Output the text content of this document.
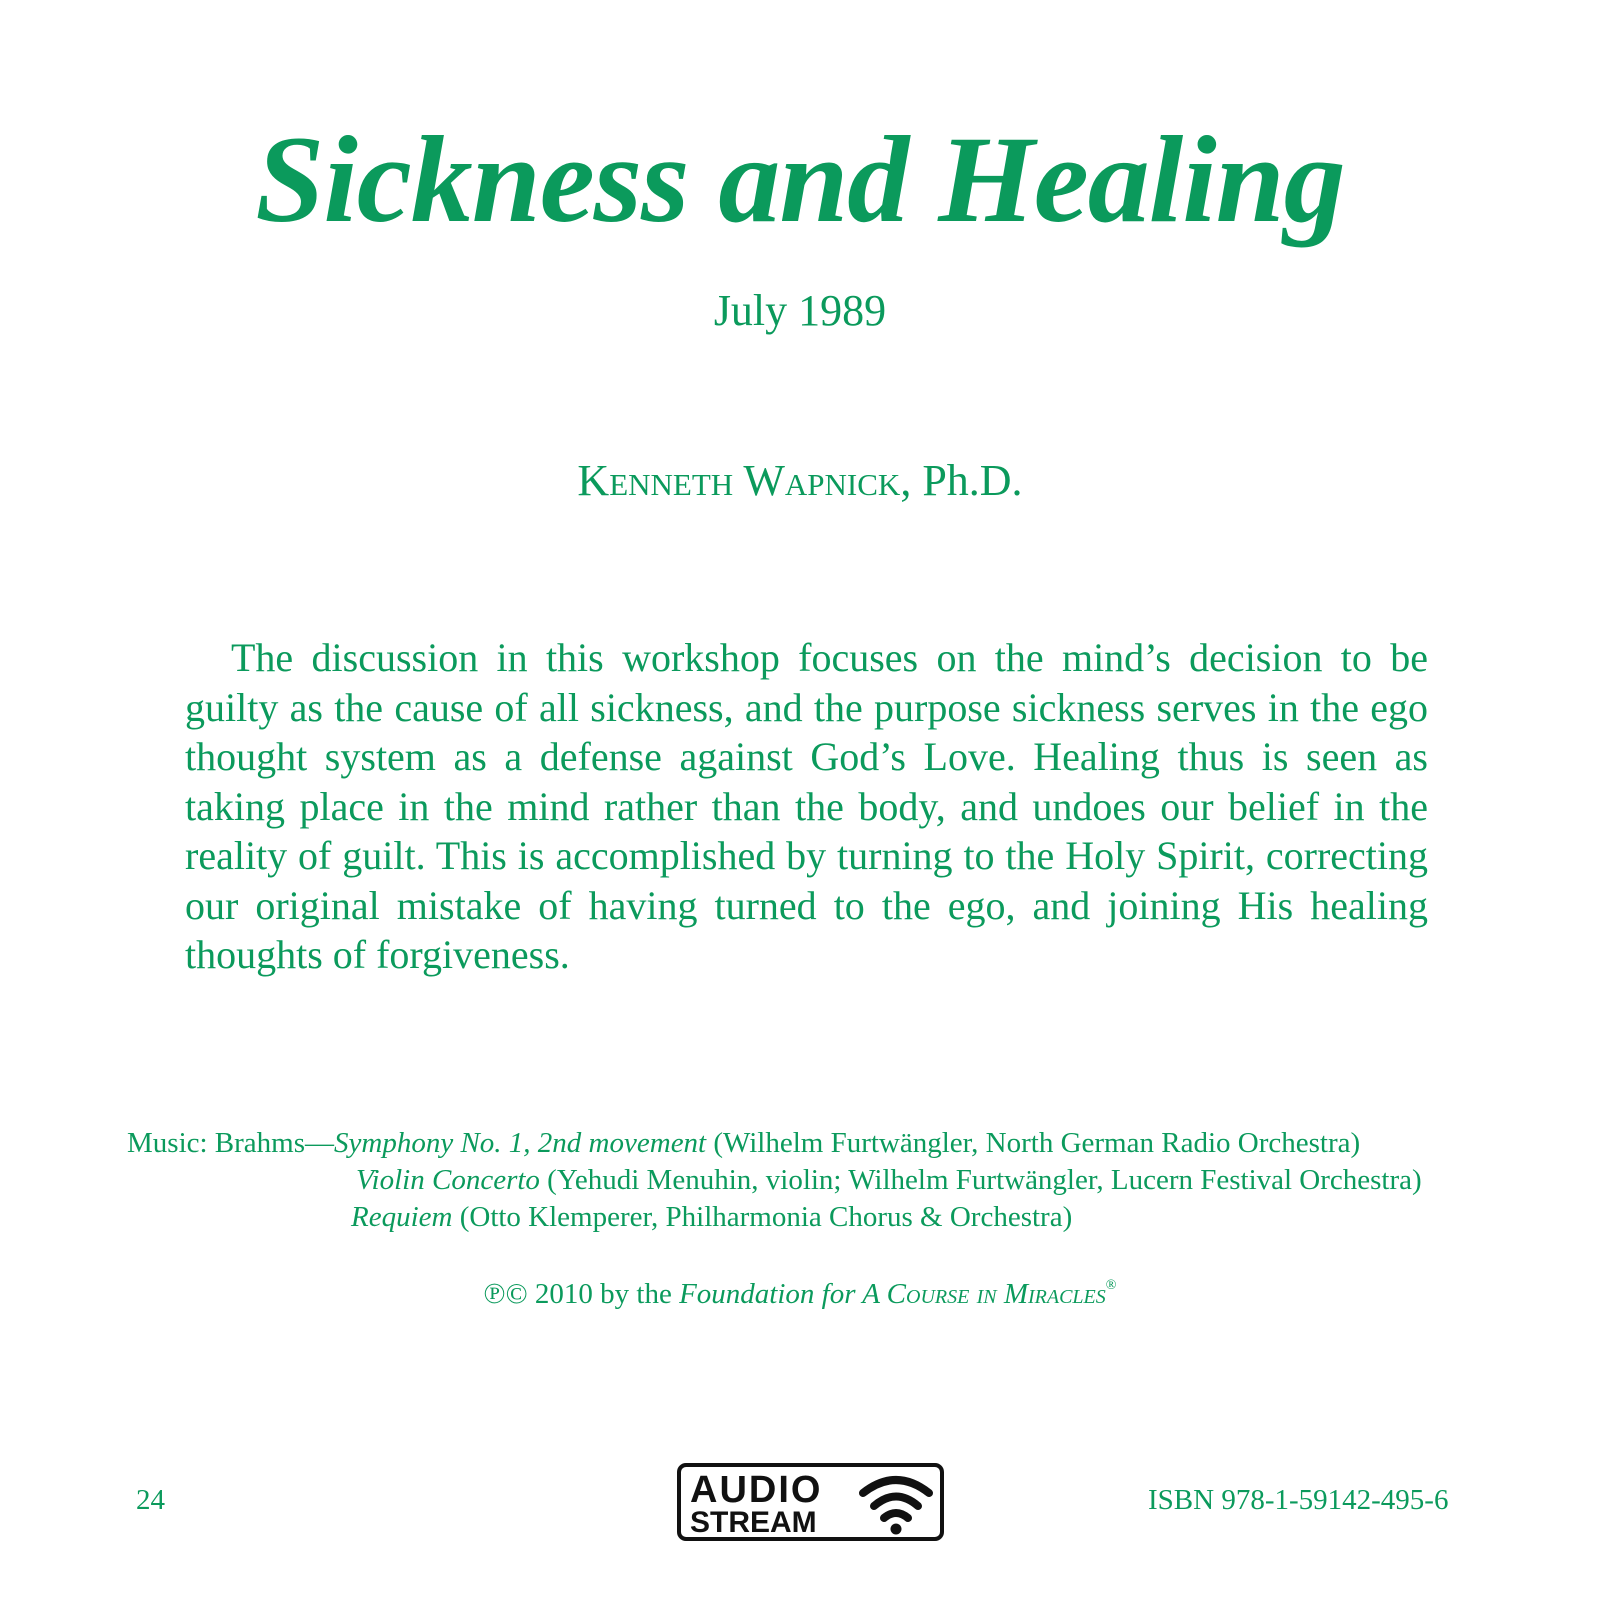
Sickness and Healing
July 1989
Kenneth Wapnick, Ph.D.
The discussion in this workshop focuses on the mind’s decision to be guilty as the cause of all sickness, and the purpose sickness serves in the ego thought system as a defense against God’s Love. Healing thus is seen as taking place in the mind rather than the body, and undoes our belief in the reality of guilt. This is accomplished by turning to the Holy Spirit, correcting our original mistake of having turned to the ego, and joining His healing thoughts of forgiveness.
Music: Brahms—Symphony No. 1, 2nd movement (Wilhelm Furtwängler, North German Radio Orchestra)
Violin Concerto (Yehudi Menuhin, violin; Wilhelm Furtwängler, Lucern Festival Orchestra)
Requiem (Otto Klemperer, Philharmonia Chorus & Orchestra)
℗© 2010 by the Foundation for A Course in Miracles®
24	AUDIO
STREAM
ISBN 978-1-59142-495-6
